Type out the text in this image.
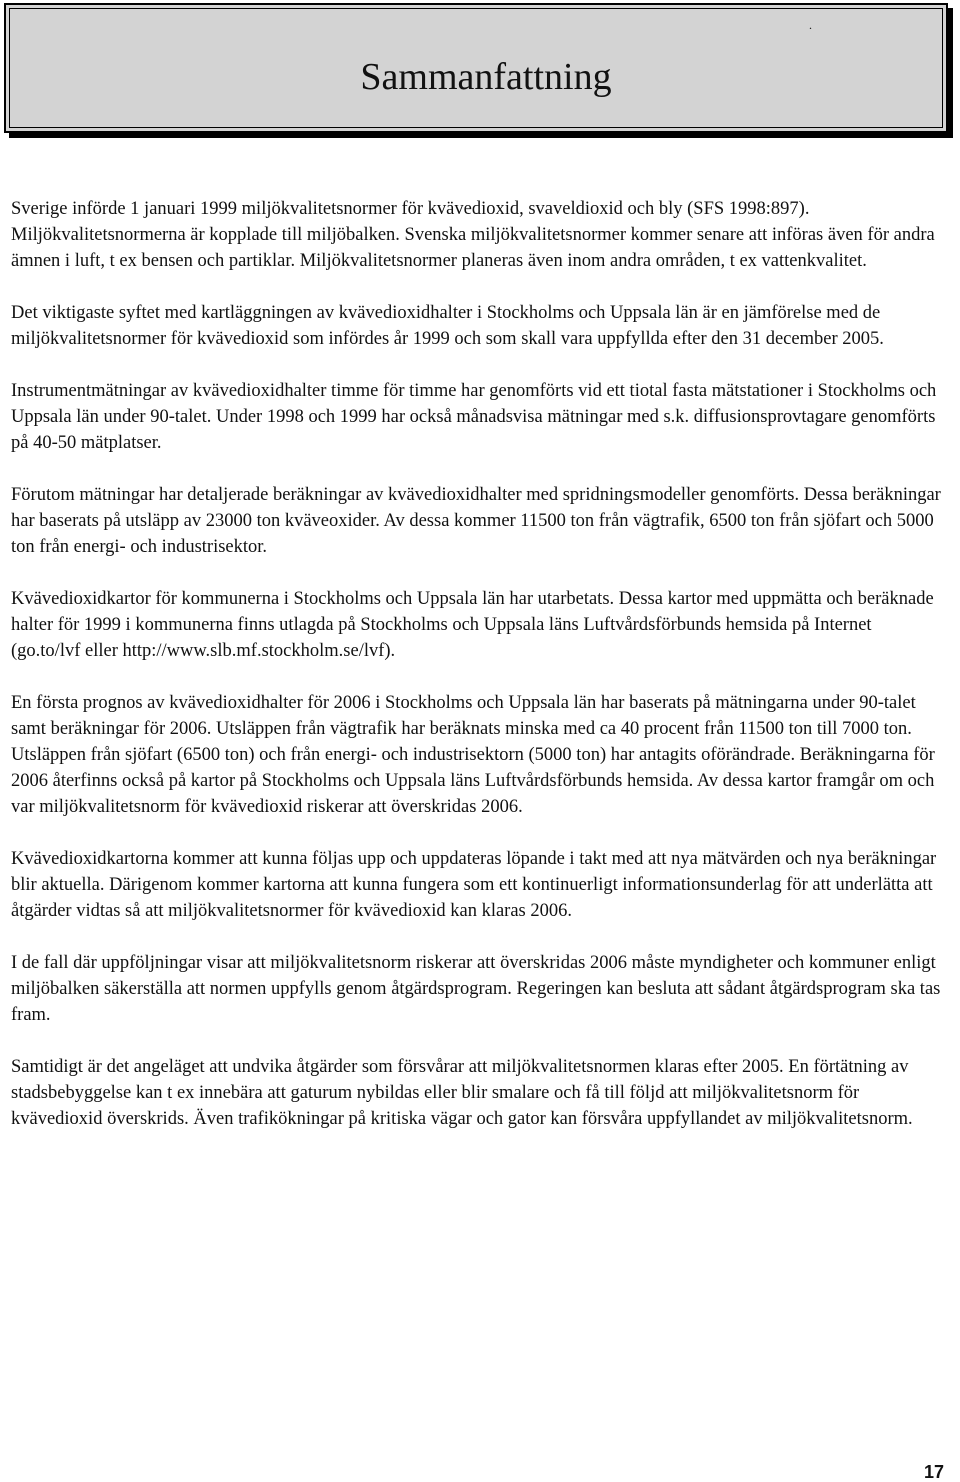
.
Sammanfattning

Sverige införde 1 januari 1999 miljökvalitetsnormer för kvävedioxid, svaveldioxid och bly (SFS 1998:897). Miljökvalitetsnormerna är kopplade till miljöbalken. Svenska miljökvalitetsnormer kommer senare att införas även för andra ämnen i luft, t ex bensen och partiklar. Miljökvalitetsnormer planeras även inom andra områden, t ex vattenkvalitet.

Det viktigaste syftet med kartläggningen av kvävedioxidhalter i Stockholms och Uppsala län är en jämförelse med de miljökvalitetsnormer för kvävedioxid som infördes år 1999 och som skall vara uppfyllda efter den 31 december 2005.

Instrumentmätningar av kvävedioxidhalter timme för timme har genomförts vid ett tiotal fasta mätstationer i Stockholms och Uppsala län under 90-talet. Under 1998 och 1999 har också månadsvisa mätningar med s.k. diffusionsprovtagare genomförts på 40-50 mätplatser.

Förutom mätningar har detaljerade beräkningar av kvävedioxidhalter med spridningsmodeller genomförts. Dessa beräkningar har baserats på utsläpp av 23000 ton kväveoxider. Av dessa kommer 11500 ton från vägtrafik, 6500 ton från sjöfart och 5000 ton från energi- och industrisektor.

Kvävedioxidkartor för kommunerna i Stockholms och Uppsala län har utarbetats. Dessa kartor med uppmätta och beräknade halter för 1999 i kommunerna finns utlagda på Stockholms och Uppsala läns Luftvårdsförbunds hemsida på Internet (go.to/lvf eller http://www.slb.mf.stockholm.se/lvf).

En första prognos av kvävedioxidhalter för 2006 i Stockholms och Uppsala län har baserats på mätningarna under 90-talet samt beräkningar för 2006. Utsläppen från vägtrafik har beräknats minska med ca 40 procent från 11500 ton till 7000 ton. Utsläppen från sjöfart (6500 ton) och från energi- och industrisektorn (5000 ton) har antagits oförändrade. Beräkningarna för 2006 återfinns också på kartor på Stockholms och Uppsala läns Luftvårdsförbunds hemsida. Av dessa kartor framgår om och var miljökvalitetsnorm för kvävedioxid riskerar att överskridas 2006.

Kvävedioxidkartorna kommer att kunna följas upp och uppdateras löpande i takt med att nya mätvärden och nya beräkningar blir aktuella. Därigenom kommer kartorna att kunna fungera som ett kontinuerligt informationsunderlag för att underlätta att åtgärder vidtas så att miljökvalitetsnormer för kvävedioxid kan klaras 2006.

I de fall där uppföljningar visar att miljökvalitetsnorm riskerar att överskridas 2006 måste myndigheter och kommuner enligt miljöbalken säkerställa att normen uppfylls genom åtgärdsprogram. Regeringen kan besluta att sådant åtgärdsprogram ska tas fram.

Samtidigt är det angeläget att undvika åtgärder som försvårar att miljökvalitetsnormen klaras efter 2005. En förtätning av stadsbebyggelse kan t ex innebära att gaturum nybildas eller blir smalare och få till följd att miljökvalitetsnorm för kvävedioxid överskrids. Även trafikökningar på kritiska vägar och gator kan försvåra uppfyllandet av miljökvalitetsnorm.

17
